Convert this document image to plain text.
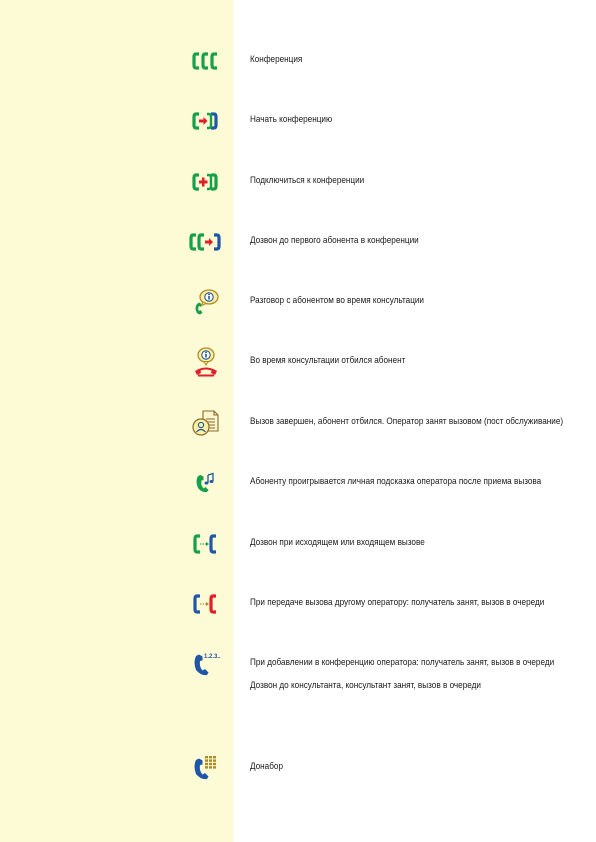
Конференция
Начать конференцию
Подключиться к конференции
Дозвон до первого абонента в конференции
Разговор с абонентом во время консультации
Во время консультации отбился абонент
Вызов завершен, абонент отбился. Оператор занят вызовом (пост обслуживание)
Абоненту проигрывается личная подсказка оператора после приема вызова
Дозвон при исходящем или входящем вызове
При передаче вызова другому оператору: получатель занят, вызов в очереди
1.2.3..	При добавлении в конференцию оператора: получатель занят, вызов в очереди
Дозвон до консультанта, консультант занят, вызов в очереди
Донабор
